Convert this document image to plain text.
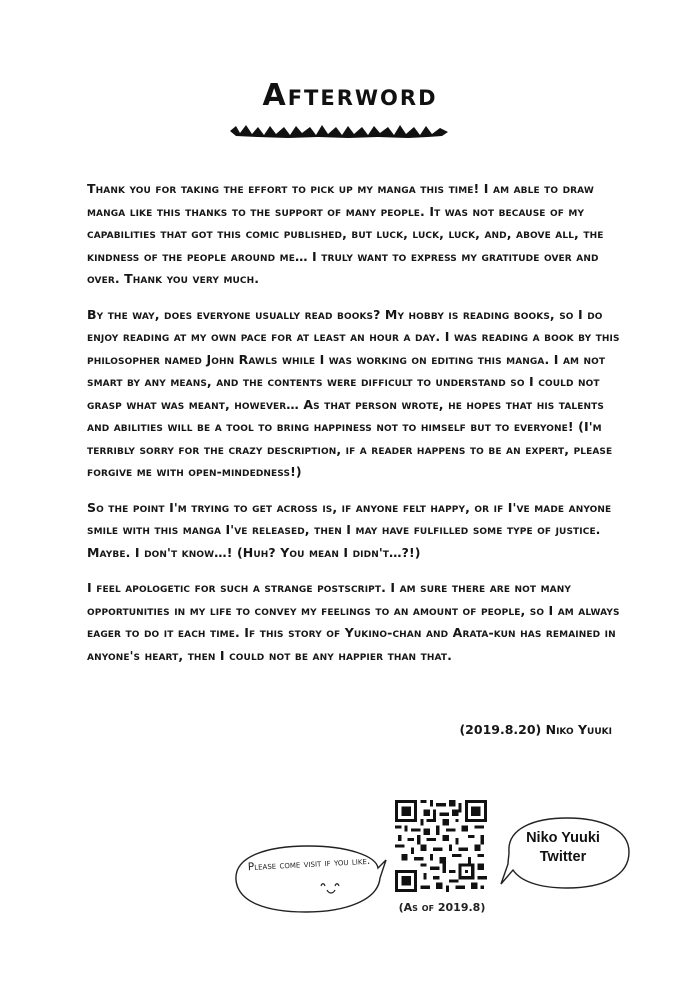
Afterword

Thank you for taking the effort to pick up my manga this time! I am able to draw manga like this thanks to the support of many people. It was not because of my capabilities that got this comic published, but luck, luck, luck, and, above all, the kindness of the people around me… I truly want to express my gratitude over and over. Thank you very much.

By the way, does everyone usually read books? My hobby is reading books, so I do enjoy reading at my own pace for at least an hour a day. I was reading a book by this philosopher named John Rawls while I was working on editing this manga. I am not smart by any means, and the contents were difficult to understand so I could not grasp what was meant, however… As that person wrote, he hopes that his talents and abilities will be a tool to bring happiness not to himself but to everyone! (I'm terribly sorry for the crazy description, if a reader happens to be an expert, please forgive me with open-mindedness!)

So the point I'm trying to get across is, if anyone felt happy, or if I've made anyone smile with this manga I've released, then I may have fulfilled some type of justice. Maybe. I don't know…! (Huh? You mean I didn't…?!)

I feel apologetic for such a strange postscript. I am sure there are not many opportunities in my life to convey my feelings to an amount of people, so I am always eager to do it each time. If this story of Yukino-chan and Arata-kun has remained in anyone's heart, then I could not be any happier than that.

(2019.8.20) Niko Yuuki
Please come visit if you like.
(As of 2019.8)
Niko Yuuki Twitter
